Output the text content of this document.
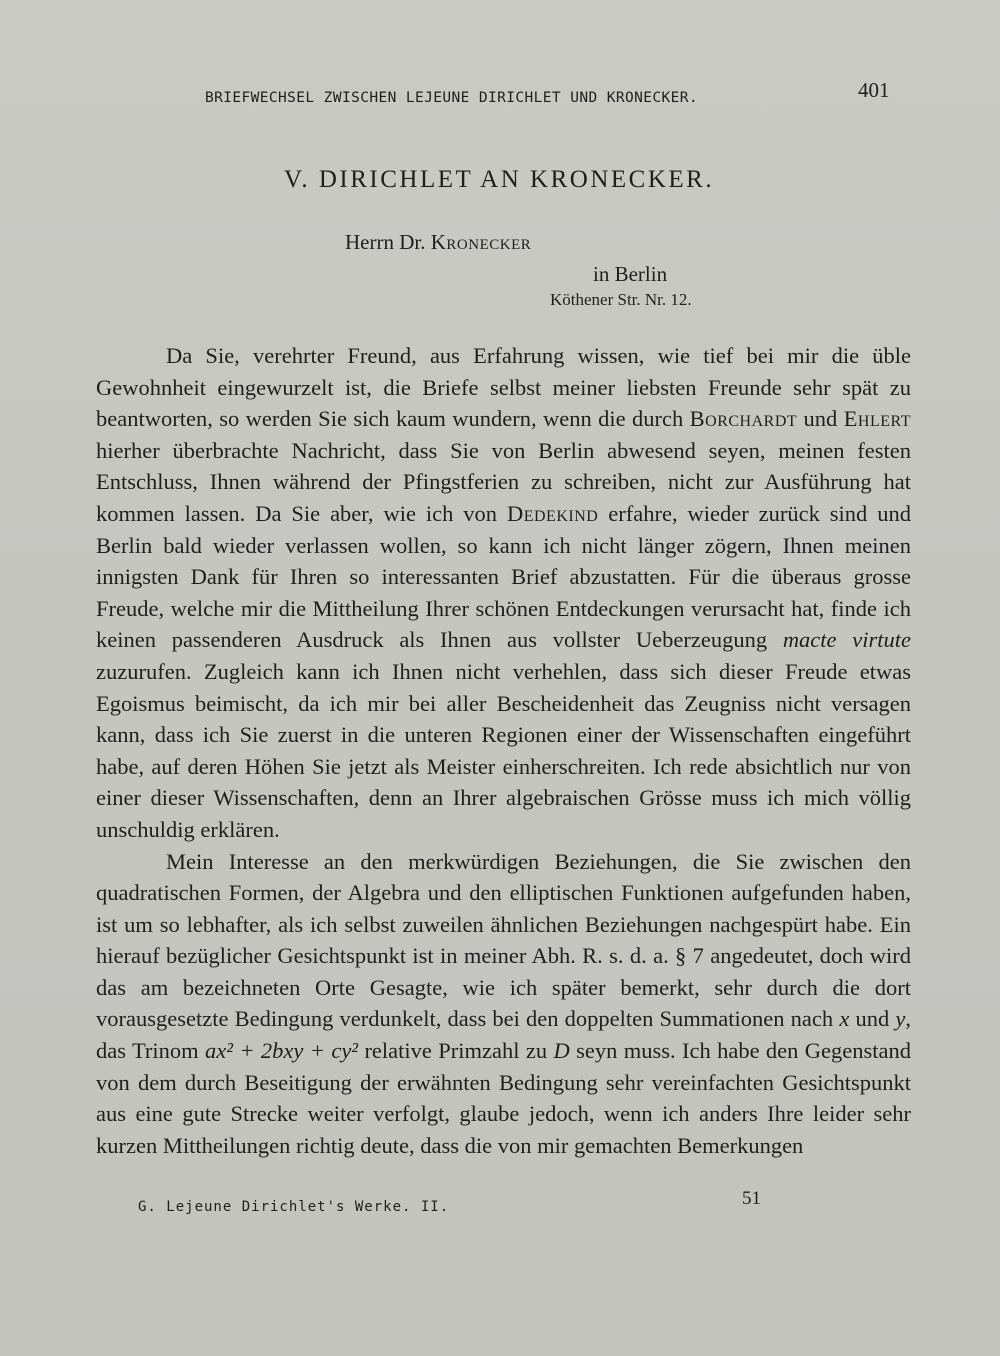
BRIEFWECHSEL ZWISCHEN LEJEUNE DIRICHLET UND KRONECKER.	401
V. DIRICHLET AN KRONECKER.
Herrn Dr. Kronecker
in Berlin
Köthener Str. Nr. 12.

Da Sie, verehrter Freund, aus Erfahrung wissen, wie tief bei mir die üble Gewohnheit eingewurzelt ist, die Briefe selbst meiner liebsten Freunde sehr spät zu beantworten, so werden Sie sich kaum wundern, wenn die durch Borchardt und Ehlert hierher überbrachte Nachricht, dass Sie von Berlin abwesend seyen, meinen festen Entschluss, Ihnen während der Pfingstferien zu schreiben, nicht zur Ausführung hat kommen lassen. Da Sie aber, wie ich von Dedekind erfahre, wieder zurück sind und Berlin bald wieder verlassen wollen, so kann ich nicht länger zögern, Ihnen meinen innigsten Dank für Ihren so interessanten Brief abzustatten. Für die überaus grosse Freude, welche mir die Mittheilung Ihrer schönen Entdeckungen verursacht hat, finde ich keinen passenderen Ausdruck als Ihnen aus vollster Ueberzeugung macte virtute zuzurufen. Zugleich kann ich Ihnen nicht verhehlen, dass sich dieser Freude etwas Egoismus beimischt, da ich mir bei aller Bescheidenheit das Zeugniss nicht versagen kann, dass ich Sie zuerst in die unteren Regionen einer der Wissenschaften eingeführt habe, auf deren Höhen Sie jetzt als Meister einherschreiten. Ich rede absichtlich nur von einer dieser Wissenschaften, denn an Ihrer algebraischen Grösse muss ich mich völlig unschuldig erklären.

Mein Interesse an den merkwürdigen Beziehungen, die Sie zwischen den quadratischen Formen, der Algebra und den elliptischen Funktionen aufgefunden haben, ist um so lebhafter, als ich selbst zuweilen ähnlichen Beziehungen nachgespürt habe. Ein hierauf bezüglicher Gesichtspunkt ist in meiner Abh. R. s. d. a. § 7 angedeutet, doch wird das am bezeichneten Orte Gesagte, wie ich später bemerkt, sehr durch die dort vorausgesetzte Bedingung verdunkelt, dass bei den doppelten Summationen nach x und y, das Trinom ax² + 2bxy + cy² relative Primzahl zu D seyn muss. Ich habe den Gegenstand von dem durch Beseitigung der erwähnten Bedingung sehr vereinfachten Gesichtspunkt aus eine gute Strecke weiter verfolgt, glaube jedoch, wenn ich anders Ihre leider sehr kurzen Mittheilungen richtig deute, dass die von mir gemachten Bemerkungen

G. Lejeune Dirichlet's Werke. II.	51
